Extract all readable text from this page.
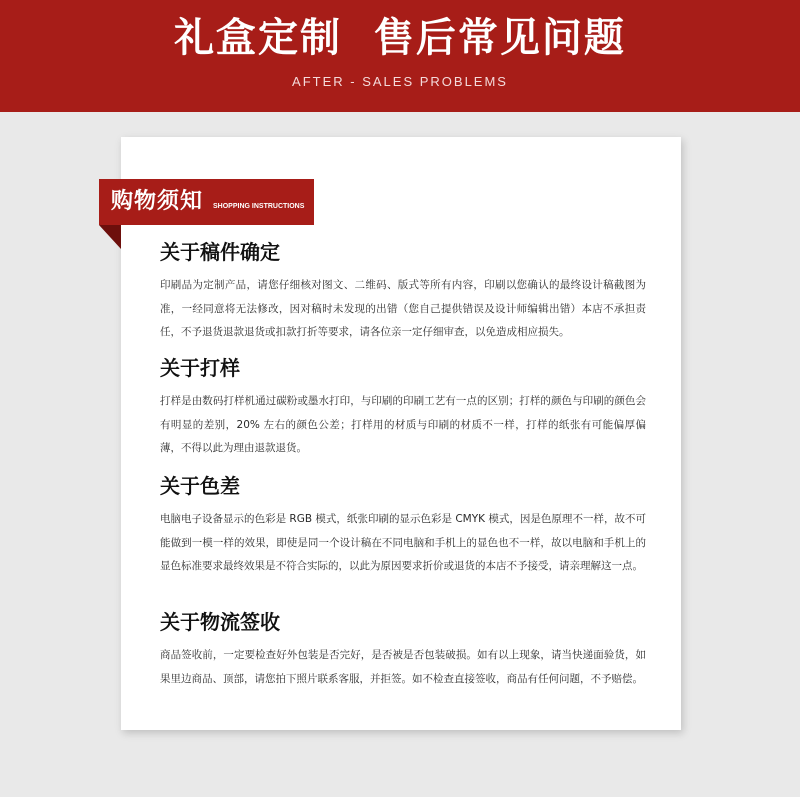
礼盒定制  售后常见问题
AFTER - SALES PROBLEMS
购物须知 SHOPPING INSTRUCTIONS
关于稿件确定
印刷品为定制产品，请您仔细核对图文、二维码、版式等所有内容，印刷以您确认的最终设计稿截图为准，一经同意将无法修改，因对稿时未发现的出错（您自己提供错误及设计师编辑出错）本店不承担责任，不予退货退款退货或扣款打折等要求，请各位亲一定仔细审查，以免造成相应损失。
关于打样
打样是由数码打样机通过碳粉或墨水打印，与印刷的印刷工艺有一点的区别；打样的颜色与印刷的颜色会有明显的差别，20% 左右的颜色公差；打样用的材质与印刷的材质不一样，打样的纸张有可能偏厚偏薄，不得以此为理由退款退货。
关于色差
电脑电子设备显示的色彩是 RGB 模式，纸张印刷的显示色彩是 CMYK 模式，因是色原理不一样，故不可能做到一模一样的效果，即使是同一个设计稿在不同电脑和手机上的显色也不一样，故以电脑和手机上的显色标准要求最终效果是不符合实际的，以此为原因要求折价或退货的本店不予接受，请亲理解这一点。
关于物流签收
商品签收前，一定要检查好外包装是否完好，是否被是否包装破损。如有以上现象，请当快递面验货，如果里边商品、顶部，请您拍下照片联系客服，并拒签。如不检查直接签收，商品有任何问题，不予赔偿。
